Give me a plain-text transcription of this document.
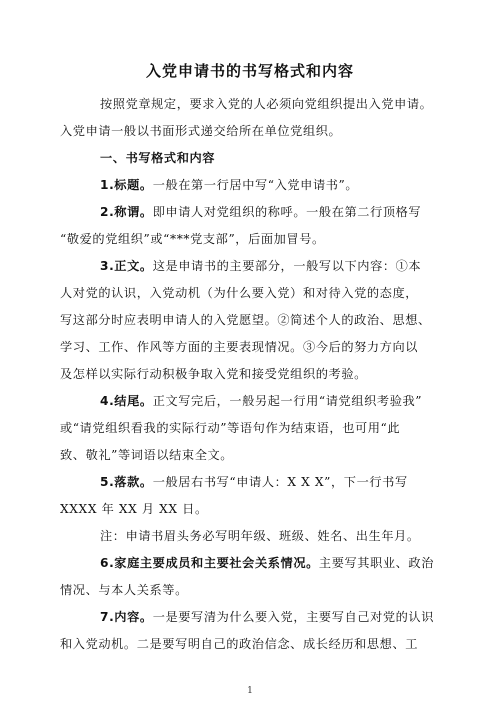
入党申请书的书写格式和内容
按照党章规定，要求入党的人必须向党组织提出入党申请。
入党申请一般以书面形式递交给所在单位党组织。
一、书写格式和内容
1.标题。一般在第一行居中写“入党申请书”。
2.称谓。即申请人对党组织的称呼。一般在第二行顶格写
“敬爱的党组织”或“***党支部”，后面加冒号。
3.正文。这是申请书的主要部分，一般写以下内容：①本
人对党的认识，入党动机（为什么要入党）和对待入党的态度，
写这部分时应表明申请人的入党愿望。②简述个人的政治、思想、
学习、工作、作风等方面的主要表现情况。③今后的努力方向以
及怎样以实际行动积极争取入党和接受党组织的考验。
4.结尾。正文写完后，一般另起一行用“请党组织考验我”
或“请党组织看我的实际行动”等语句作为结束语，也可用“此
致、敬礼”等词语以结束全文。
5.落款。一般居右书写“申请人：X X X”，下一行书写
XXXX 年 XX 月 XX 日。
注：申请书眉头务必写明年级、班级、姓名、出生年月。
6.家庭主要成员和主要社会关系情况。主要写其职业、政治
情况、与本人关系等。
7.内容。一是要写清为什么要入党，主要写自己对党的认识
和入党动机。二是要写明自己的政治信念、成长经历和思想、工
1
